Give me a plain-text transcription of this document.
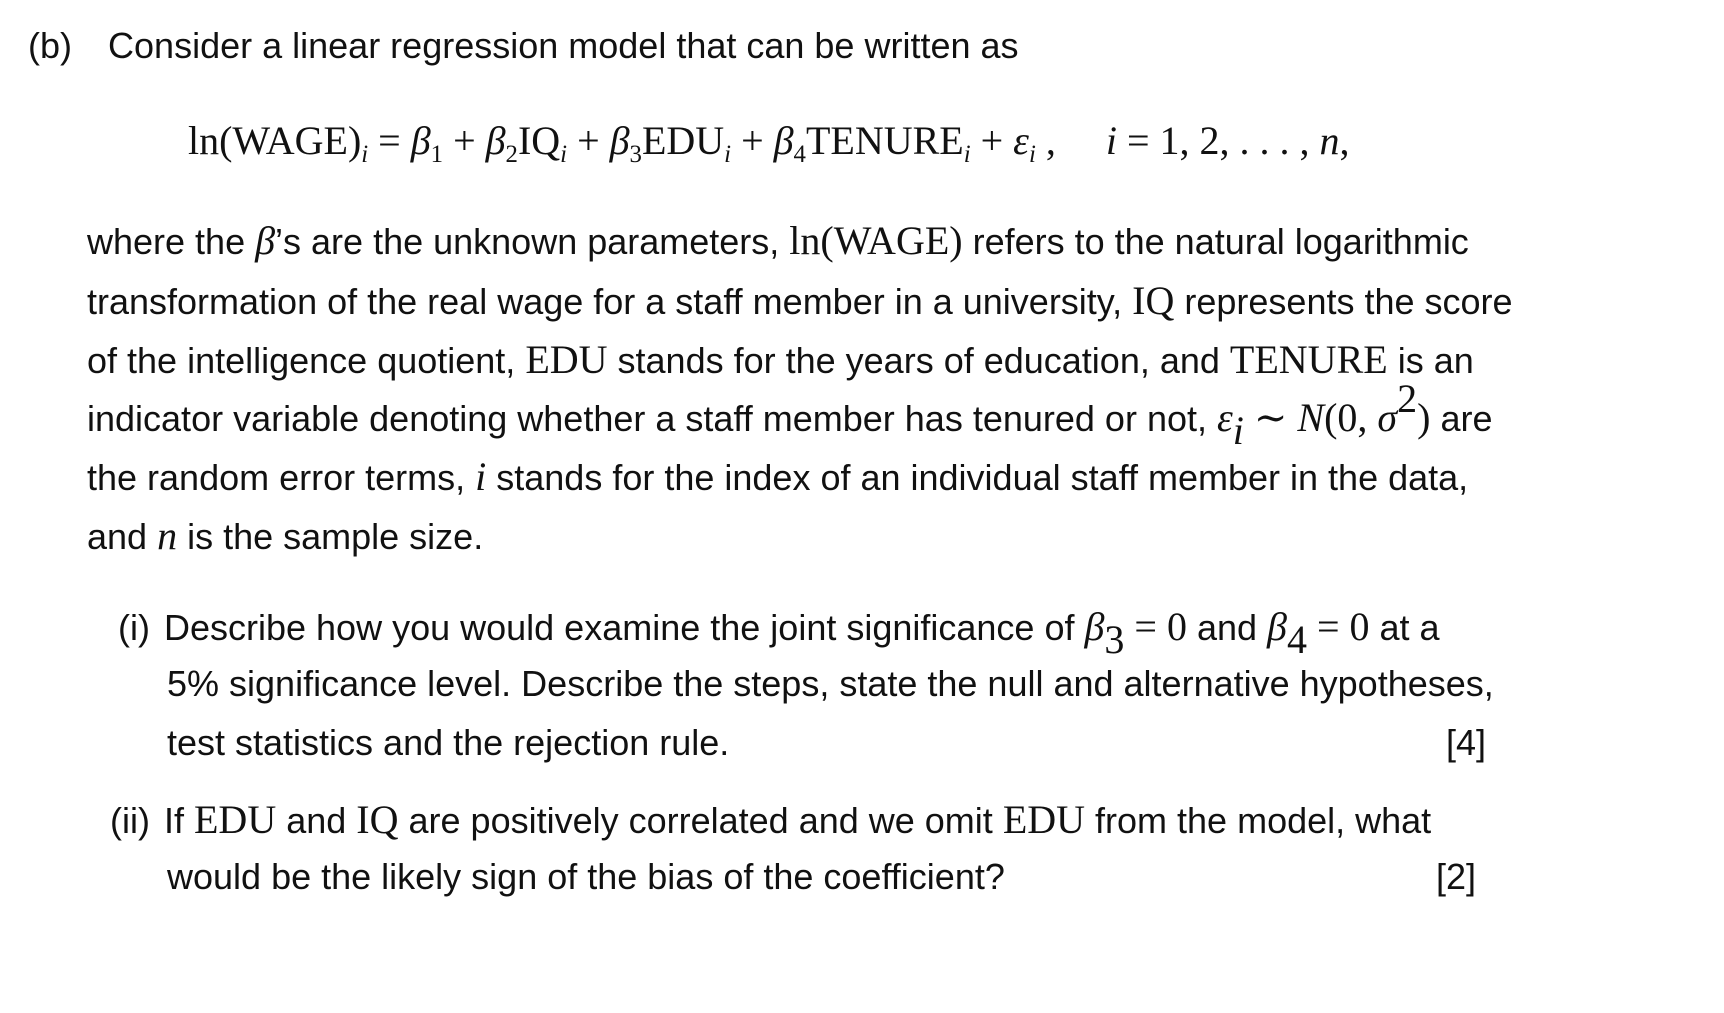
(b) Consider a linear regression model that can be written as
$\ln(WAGE)_i = \beta_1 + \beta_2IQ_i + \beta_3EDU_i$ + $\beta_4TENURE_i + \varepsilon_i$ , i = 1, 2, . . . , n,
where the β’s are the unknown parameters, ln(WAGE) refers to the natural logarithmic
transformation of the real wage for a staff member in a university, IQ represents the score
of the intelligence quotient, EDU stands for the years of education, and TENURE is an
indicator variable denoting whether a staff member has tenured or not, $\varepsilon_i$ ∼ N(0, $\sigma^2$) are
the random error terms, i stands for the index of an individual staff member in the data,
and n is the sample size.
(i) Describe how you would examine the joint significance of $\beta_3 = 0$ and $\beta_4 = 0$ at a
5% significance level. Describe the steps, state the null and alternative hypotheses,
test statistics and the rejection rule.	[4]
(ii) If EDU and IQ are positively correlated and we omit EDU from the model, what
would be the likely sign of the bias of the coefficient?	[2]
